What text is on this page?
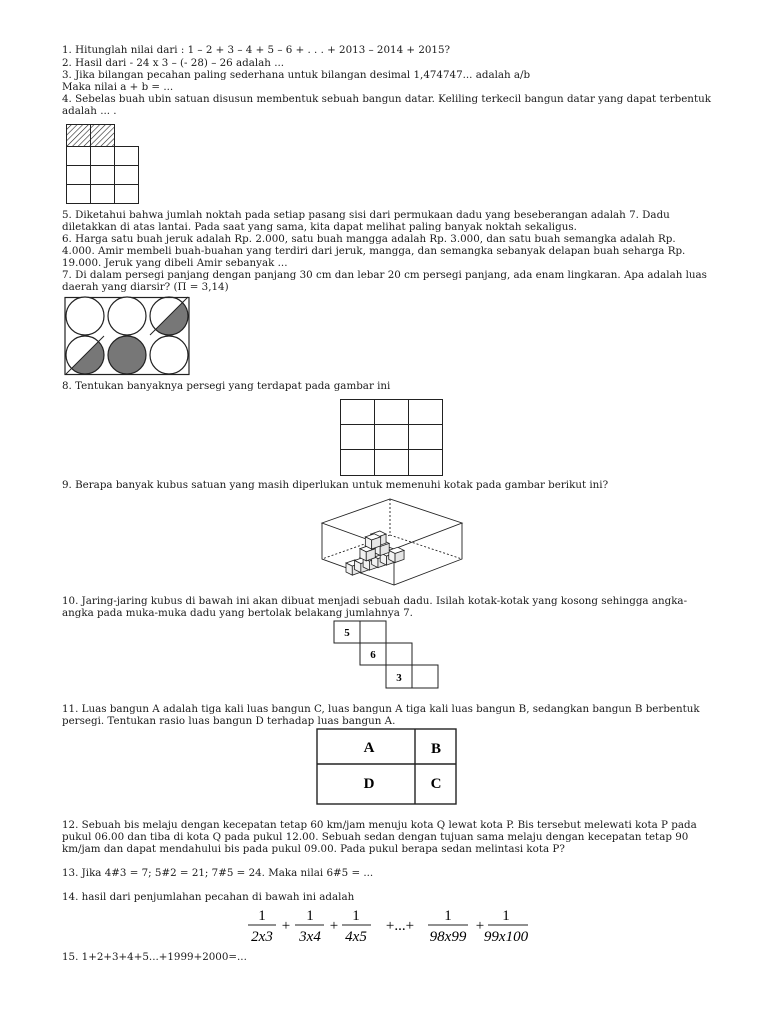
1. Hitunglah nilai dari : 1 – 2 + 3 – 4 + 5 – 6 + . . . + 2013 – 2014 + 2015?

2. Hasil dari - 24 x 3 – (- 28) – 26 adalah ...

3. Jika bilangan pecahan paling sederhana untuk bilangan desimal 1,474747... adalah a/b

Maka nilai a + b = ...

4. Sebelas buah ubin satuan disusun membentuk sebuah bangun datar. Keliling terkecil bangun datar yang dapat terbentuk

adalah ... .

5. Diketahui bahwa jumlah noktah pada setiap pasang sisi dari permukaan dadu yang beseberangan adalah 7. Dadu

diletakkan di atas lantai. Pada saat yang sama, kita dapat melihat paling banyak noktah sekaligus.

6. Harga satu buah jeruk adalah Rp. 2.000, satu buah mangga adalah Rp. 3.000, dan satu buah semangka adalah Rp.

4.000. Amir membeli buah-buahan yang terdiri dari jeruk, mangga, dan semangka sebanyak delapan buah seharga Rp.

19.000. Jeruk yang dibeli Amir sebanyak ...

7. Di dalam persegi panjang dengan panjang 30 cm dan lebar 20 cm persegi panjang, ada enam lingkaran. Apa adalah luas

daerah yang diarsir? (Π = 3,14)

8. Tentukan banyaknya persegi yang terdapat pada gambar ini

9. Berapa banyak kubus satuan yang masih diperlukan untuk memenuhi kotak pada gambar berikut ini?

10. Jaring-jaring kubus di bawah ini akan dibuat menjadi sebuah dadu. Isilah kotak-kotak yang kosong sehingga angka-

angka pada muka-muka dadu yang bertolak belakang jumlahnya 7.

5
6
3

11. Luas bangun A adalah tiga kali luas bangun C, luas bangun A tiga kali luas bangun B, sedangkan bangun B berbentuk

persegi. Tentukan rasio luas bangun D terhadap luas bangun A.

A	B
D	C

12. Sebuah bis melaju dengan kecepatan tetap 60 km/jam menuju kota Q lewat kota P. Bis tersebut melewati kota P pada

pukul 06.00 dan tiba di kota Q pada pukul 12.00. Sebuah sedan dengan tujuan sama melaju dengan kecepatan tetap 90

km/jam dan dapat mendahului bis pada pukul 09.00. Pada pukul berapa sedan melintasi kota P?

13. Jika 4#3 = 7; 5#2 = 21; 7#5 = 24. Maka nilai 6#5 = ...

14. hasil dari penjumlahan pecahan di bawah ini adalah

1
2x3
+
1
3x4
+
1
4x5
+...+
1
98x99
+
1
99x100

15. 1+2+3+4+5...+1999+2000=...
